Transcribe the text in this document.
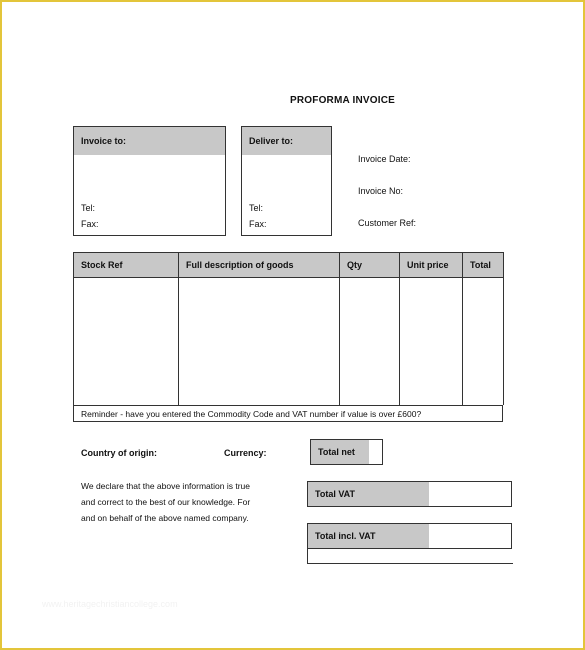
PROFORMA INVOICE
Invoice to:
Tel:
Fax:
Deliver to:
Tel:
Fax:
Invoice Date:
Invoice No:
Customer Ref:
Stock Ref	Full description of goods	Qty	Unit price	Total

Reminder - have you entered the Commodity Code and VAT number if value is over £600?
Country of origin:	Currency:	Total net
We declare that the above information is true
and correct to the best of our knowledge. For
and on behalf of the above named company.
Total VAT
Total incl. VAT
www.heritagechristiancollege.com
